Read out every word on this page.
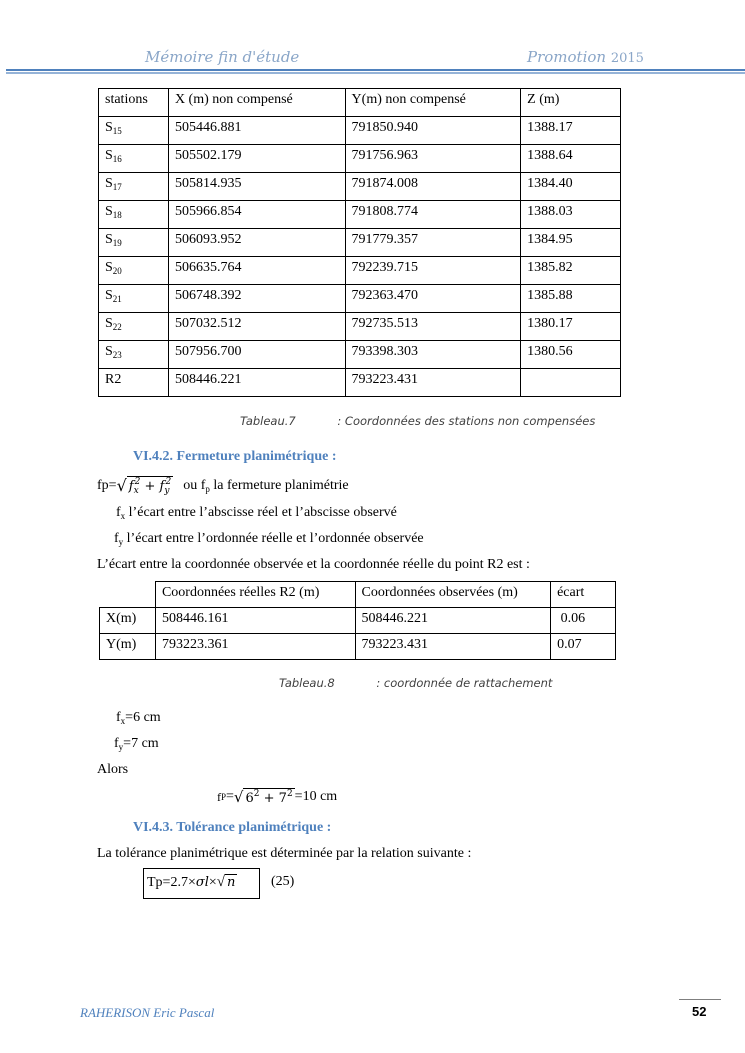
Mémoire fin d'étude	Promotion 2015
stations	X (m) non compensé	Y(m) non compensé	Z (m)
$S_{15}$	505446.881	791850.940	1388.17
$S_{16}$	505502.179	791756.963	1388.64
$S_{17}$	505814.935	791874.008	1384.40
$S_{18}$	505966.854	791808.774	1388.03
$S_{19}$	506093.952	791779.357	1384.95
$S_{20}$	506635.764	792239.715	1385.82
$S_{21}$	506748.392	792363.470	1385.88
$S_{22}$	507032.512	792735.513	1380.17
$S_{23}$	507956.700	793398.303	1380.56
R2	508446.221	793223.431	
Tableau.7	: Coordonnées des stations non compensées
VI.4.2. Fermeture planimétrique :
fp= √ $f_x^2 + f_y^2$ ou $f_p$ la fermeture planimétrie
$f_x$ l’écart entre l’abscisse réel et l’abscisse observé
$f_y$ l’écart entre l’ordonnée réelle et l’ordonnée observée
L’écart entre la coordonnée observée et la coordonnée réelle du point R2 est :
	Coordonnées réelles R2 (m)	Coordonnées observées (m)	écart
X(m)	508446.161	508446.221	0.06
Y(m)	793223.361	793223.431	0.07
Tableau.8	: coordonnée de rattachement
$f_x=6$ cm
$f_y=7$ cm
Alors
f P = √ $6^2 + 7^2 =10$ cm
VI.4.3. Tolérance planimétrique :
La tolérance planimétrique est déterminée par la relation suivante :
Tp=2.7×σl×√ n	(25)
RAHERISON Eric Pascal	52
